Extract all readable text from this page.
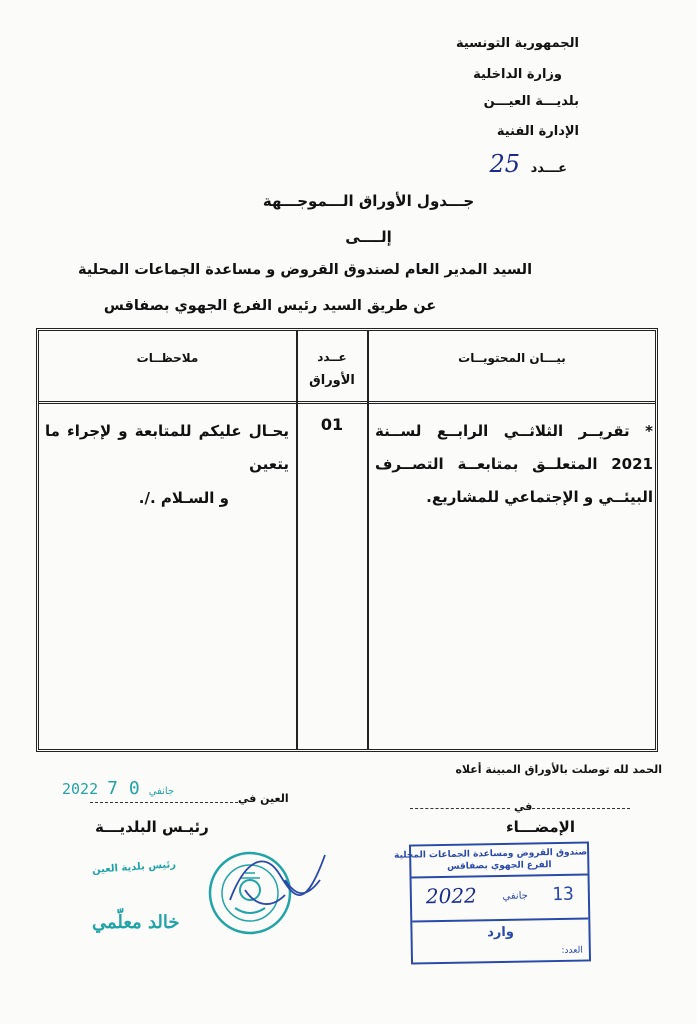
الجمهورية التونسية
وزارة الداخلية
بلديـــة العيـــن
الإدارة الفنية
عـــدد 25
جـــدول الأوراق الـــموجـــهة
إلــــى
السيد المدير العام لصندوق القروض و مساعدة الجماعات المحلية
عن طريق السيد رئيس الفرع الجهوي بصفاقس
بيـــان المحتويــات
عــدد
الأوراق
ملاحظــات
* تقريــر الثلاثــي الرابــع لســنة 2021 المتعلــق بمتابعــة التصــرف البيئــي و الإجتماعي للمشاريع.
01
يحـال عليكم للمتابعة و لإجراء ما يتعين
و السـلام ./.
الحمد لله توصلت بالأوراق المبينة أعلاه
في
الإمضـــاء
2022	جانفي 0 7	العين في
رئيـس البلديـــة
رئيس بلدية العين
خالد معلّمي
صندوق القروض ومساعدة الجماعات المحلية
الفرع الجهوي بصفاقس
13
جانفي
2022
وارد
العدد:
